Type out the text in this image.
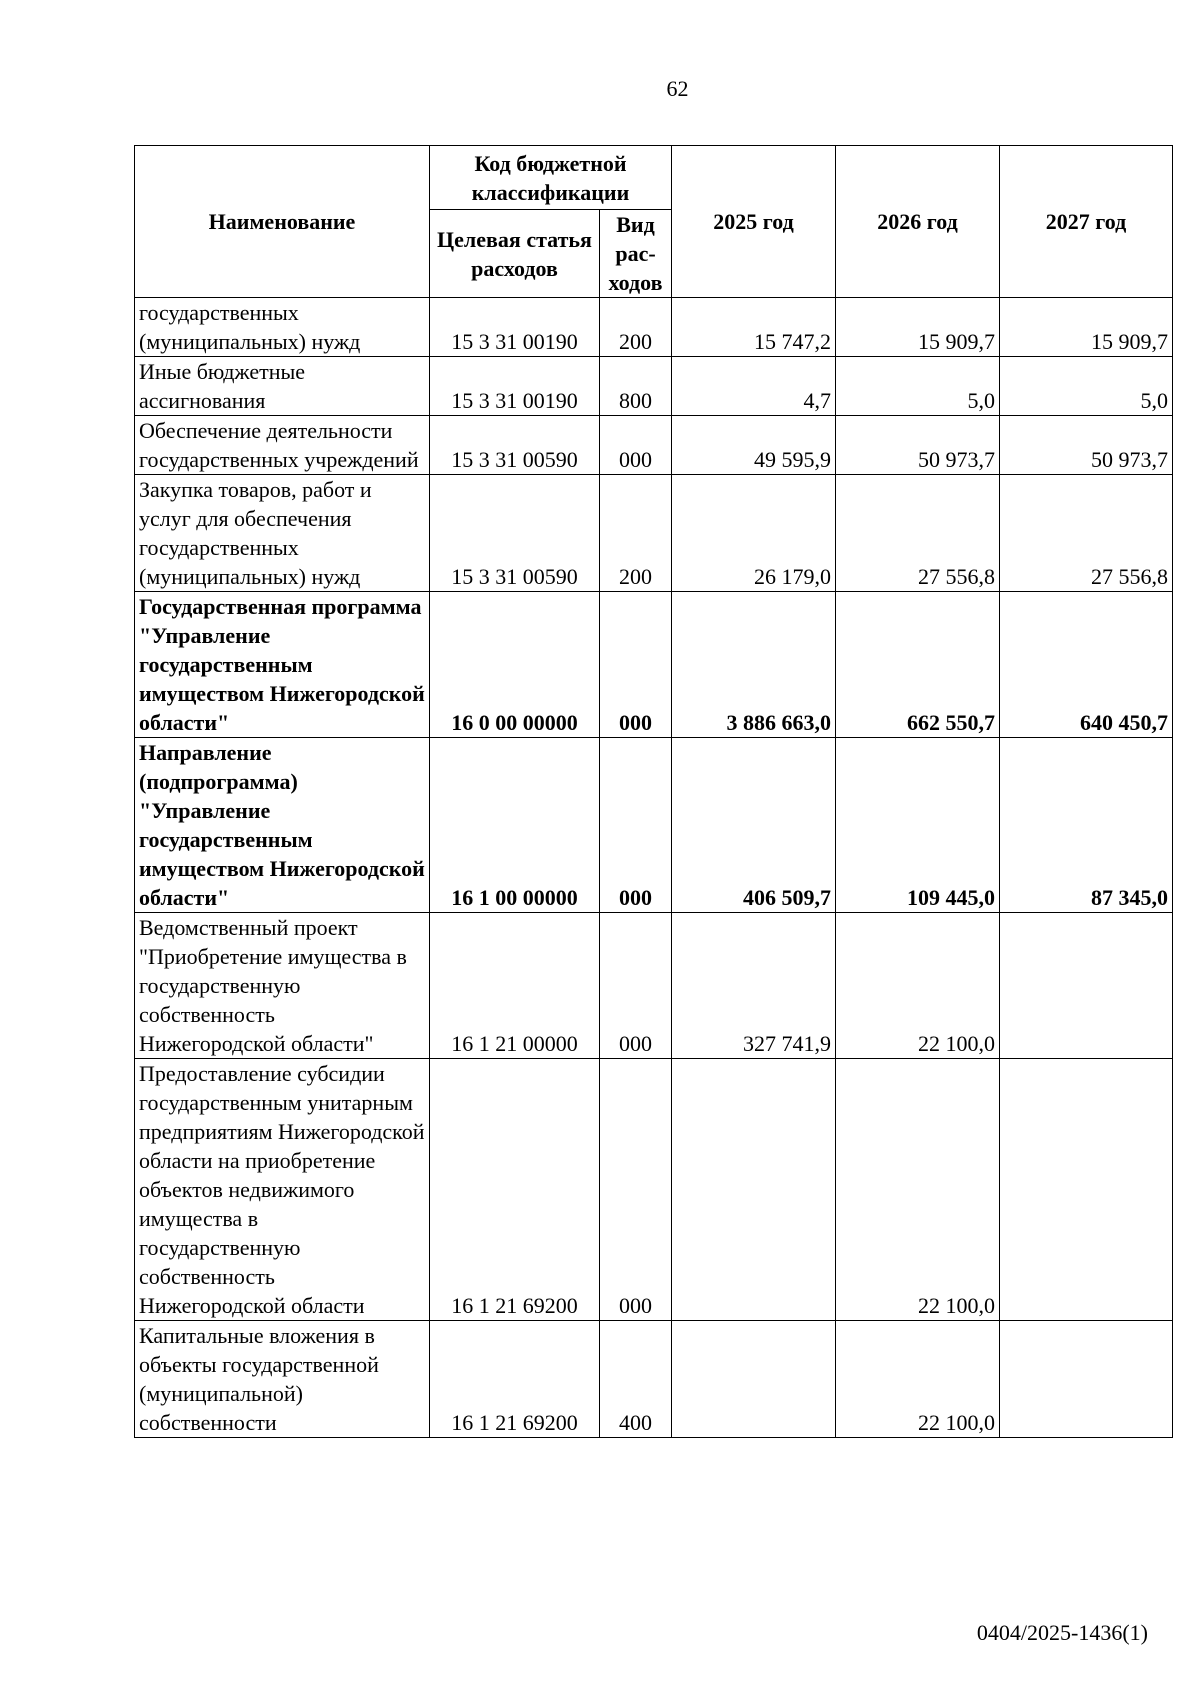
62
Наименование	Код бюджетной классификации		2025 год	2026 год	2027 год
	Целевая статья расходов	Вид рас-ходов			
государственных (муниципальных) нужд	15 3 31 00190	200	15 747,2	15 909,7	15 909,7
Иные бюджетные ассигнования	15 3 31 00190	800	4,7	5,0	5,0
Обеспечение деятельности государственных учреждений	15 3 31 00590	000	49 595,9	50 973,7	50 973,7
Закупка товаров, работ и услуг для обеспечения государственных (муниципальных) нужд	15 3 31 00590	200	26 179,0	27 556,8	27 556,8
Государственная программа "Управление государственным имуществом Нижегородской области"	16 0 00 00000	000	3 886 663,0	662 550,7	640 450,7
Направление (подпрограмма) "Управление государственным имуществом Нижегородской области"	16 1 00 00000	000	406 509,7	109 445,0	87 345,0
Ведомственный проект "Приобретение имущества в государственную собственность Нижегородской области"	16 1 21 00000	000	327 741,9	22 100,0	
Предоставление субсидии государственным унитарным предприятиям Нижегородской области на приобретение объектов недвижимого имущества в государственную собственность Нижегородской области	16 1 21 69200	000		22 100,0	
Капитальные вложения в объекты государственной (муниципальной) собственности	16 1 21 69200	400		22 100,0	
0404/2025-1436(1)
